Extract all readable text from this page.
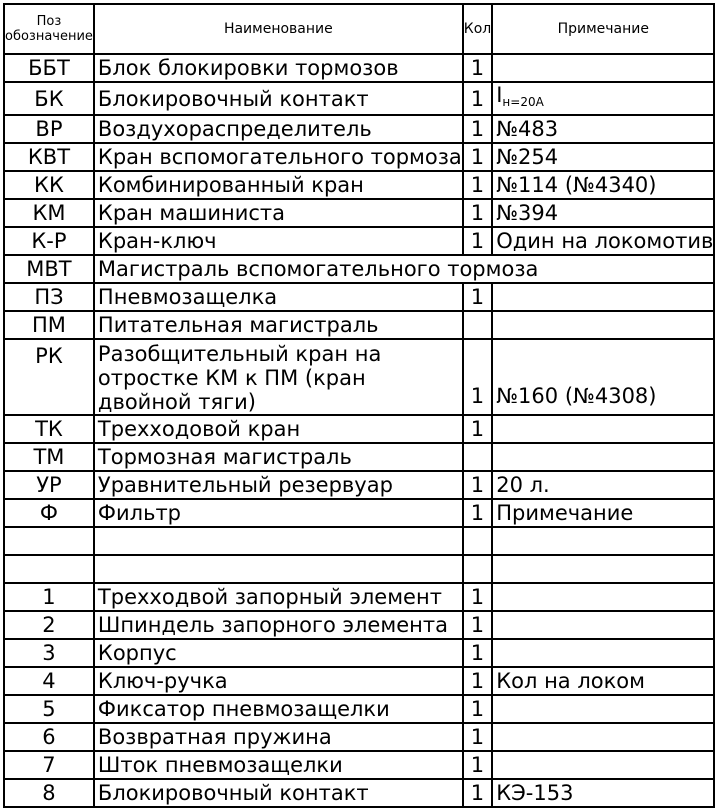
Поз обозначение	Наименование	Кол	Примечание
ББТ	Блок блокировки тормозов	1	
БК	Блокировочный контакт	1	$I_{н=20А}$
ВР	Воздухораспределитель	1	№483
КВТ	Кран вспомогательного тормоза	1	№254
КК	Комбинированный кран	1	№114 (№4340)
КМ	Кран машиниста	1	№394
К-Р	Кран-ключ	1	Один на локомотив
МВТ	Магистраль вспомогательного тормоза		
ПЗ	Пневмозащелка	1	
ПМ	Питательная магистраль		
РК	Разобщительный кран на отростке КМ к ПМ (кран двойной тяги)	1	№160 (№4308)
ТК	Трехходовой кран	1	
ТМ	Тормозная магистраль		
УР	Уравнительный резервуар	1	20 л.
Ф	Фильтр	1	Примечание

1	Трехходвой запорный элемент	1	
2	Шпиндель запорного элемента	1	
3	Корпус	1	
4	Ключ-ручка	1	Кол на локом
5	Фиксатор пневмозащелки	1	
6	Возвратная пружина	1	
7	Шток пневмозащелки	1	
8	Блокировочный контакт	1	КЭ-153
